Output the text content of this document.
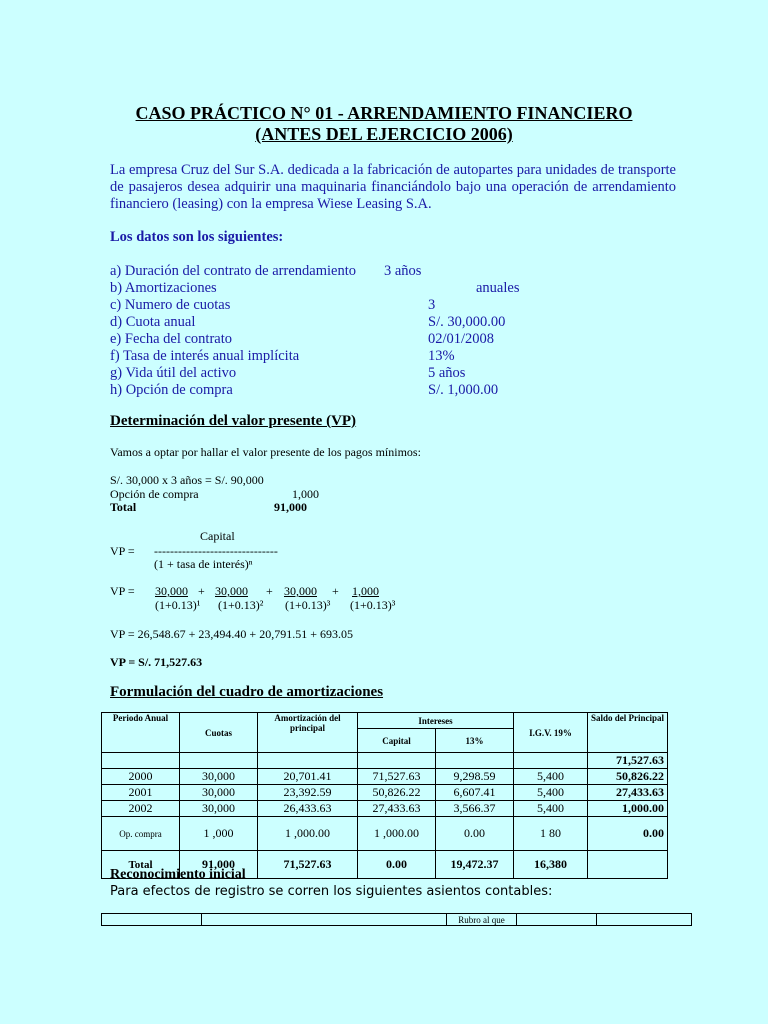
CASO PRÁCTICO N° 01 - ARRENDAMIENTO FINANCIERO
(ANTES DEL EJERCICIO 2006)
La empresa Cruz del Sur S.A. dedicada a la fabricación de autopartes para unidades de transporte de pasajeros desea adquirir una maquinaria financiándolo bajo una operación de arrendamiento financiero (leasing) con la empresa Wiese Leasing S.A.
Los datos son los siguientes:
a) Duración del contrato de arrendamiento 3 años
b) Amortizaciones	anuales
c) Numero de cuotas	3
d) Cuota anual	S/. 30,000.00
e) Fecha del contrato	02/01/2008
f) Tasa de interés anual implícita	13%
g) Vida útil del activo	5 años
h) Opción de compra	S/. 1,000.00
Determinación del valor presente (VP)
Vamos a optar por hallar el valor presente de los pagos mínimos:
S/. 30,000 x 3 años = S/. 90,000
Opción de compra	1,000
Total	91,000
Capital
VP = -------------------------------
(1 + tasa de interés)ⁿ
VP = 30,000 + 30,000 + 30,000 + 1,000
(1+0.13)¹ (1+0.13)² (1+0.13)³ (1+0.13)³
VP = 26,548.67 + 23,494.40 + 20,791.51 + 693.05
VP = S/. 71,527.63
Formulación del cuadro de amortizaciones
Periodo Anual	Cuotas	Amortización del principal	Intereses		I.G.V. 19%	Saldo del Principal
			Capital	13%		
						71,527.63
2000	30,000	20,701.41	71,527.63	9,298.59	5,400	50,826.22
2001	30,000	23,392.59	50,826.22	6,607.41	5,400	27,433.63
2002	30,000	26,433.63	27,433.63	3,566.37	5,400	1,000.00
Op. compra	1 ,000	1 ,000.00	1 ,000.00	0.00	1 80	0.00
Total	91,000	71,527.63	0.00	19,472.37	16,380	
Reconocimiento inicial
Para efectos de registro se corren los siguientes asientos contables:
		Rubro al que		
